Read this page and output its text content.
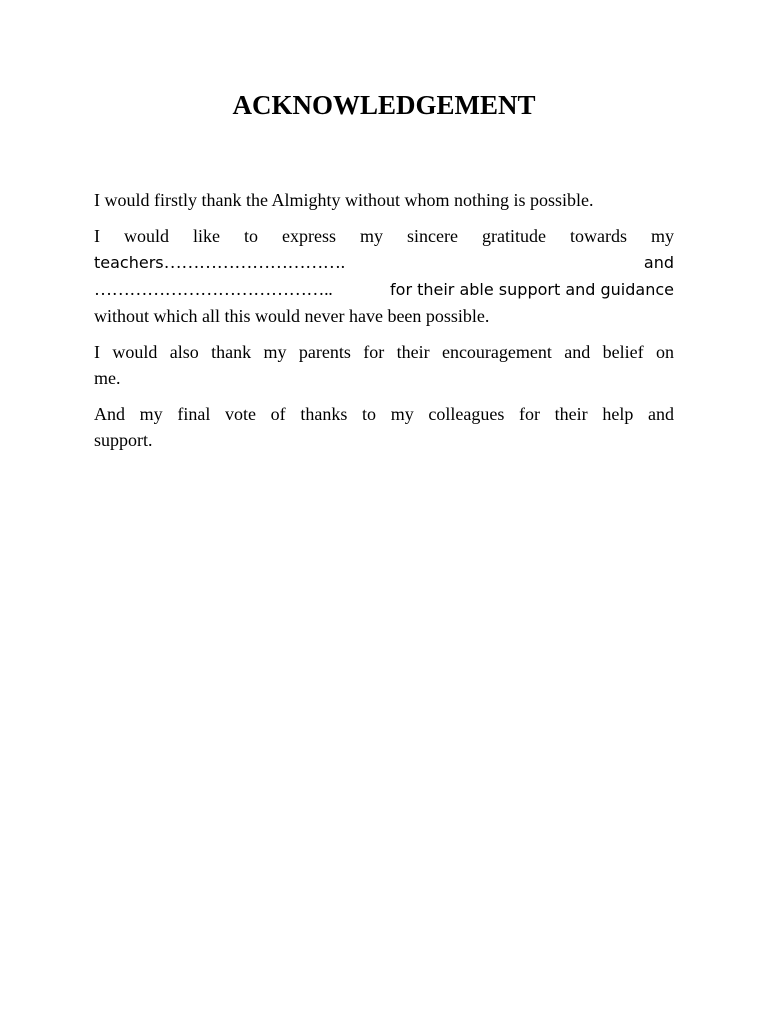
ACKNOWLEDGEMENT

I would firstly thank the Almighty without whom nothing is possible.

I would like to express my sincere gratitude towards my
teachers………………………….	and
…………………………………..	for their able support and guidance
without which all this would never have been possible.
I would also thank my parents for their encouragement and belief on
me.
And my final vote of thanks to my colleagues for their help and
support.
